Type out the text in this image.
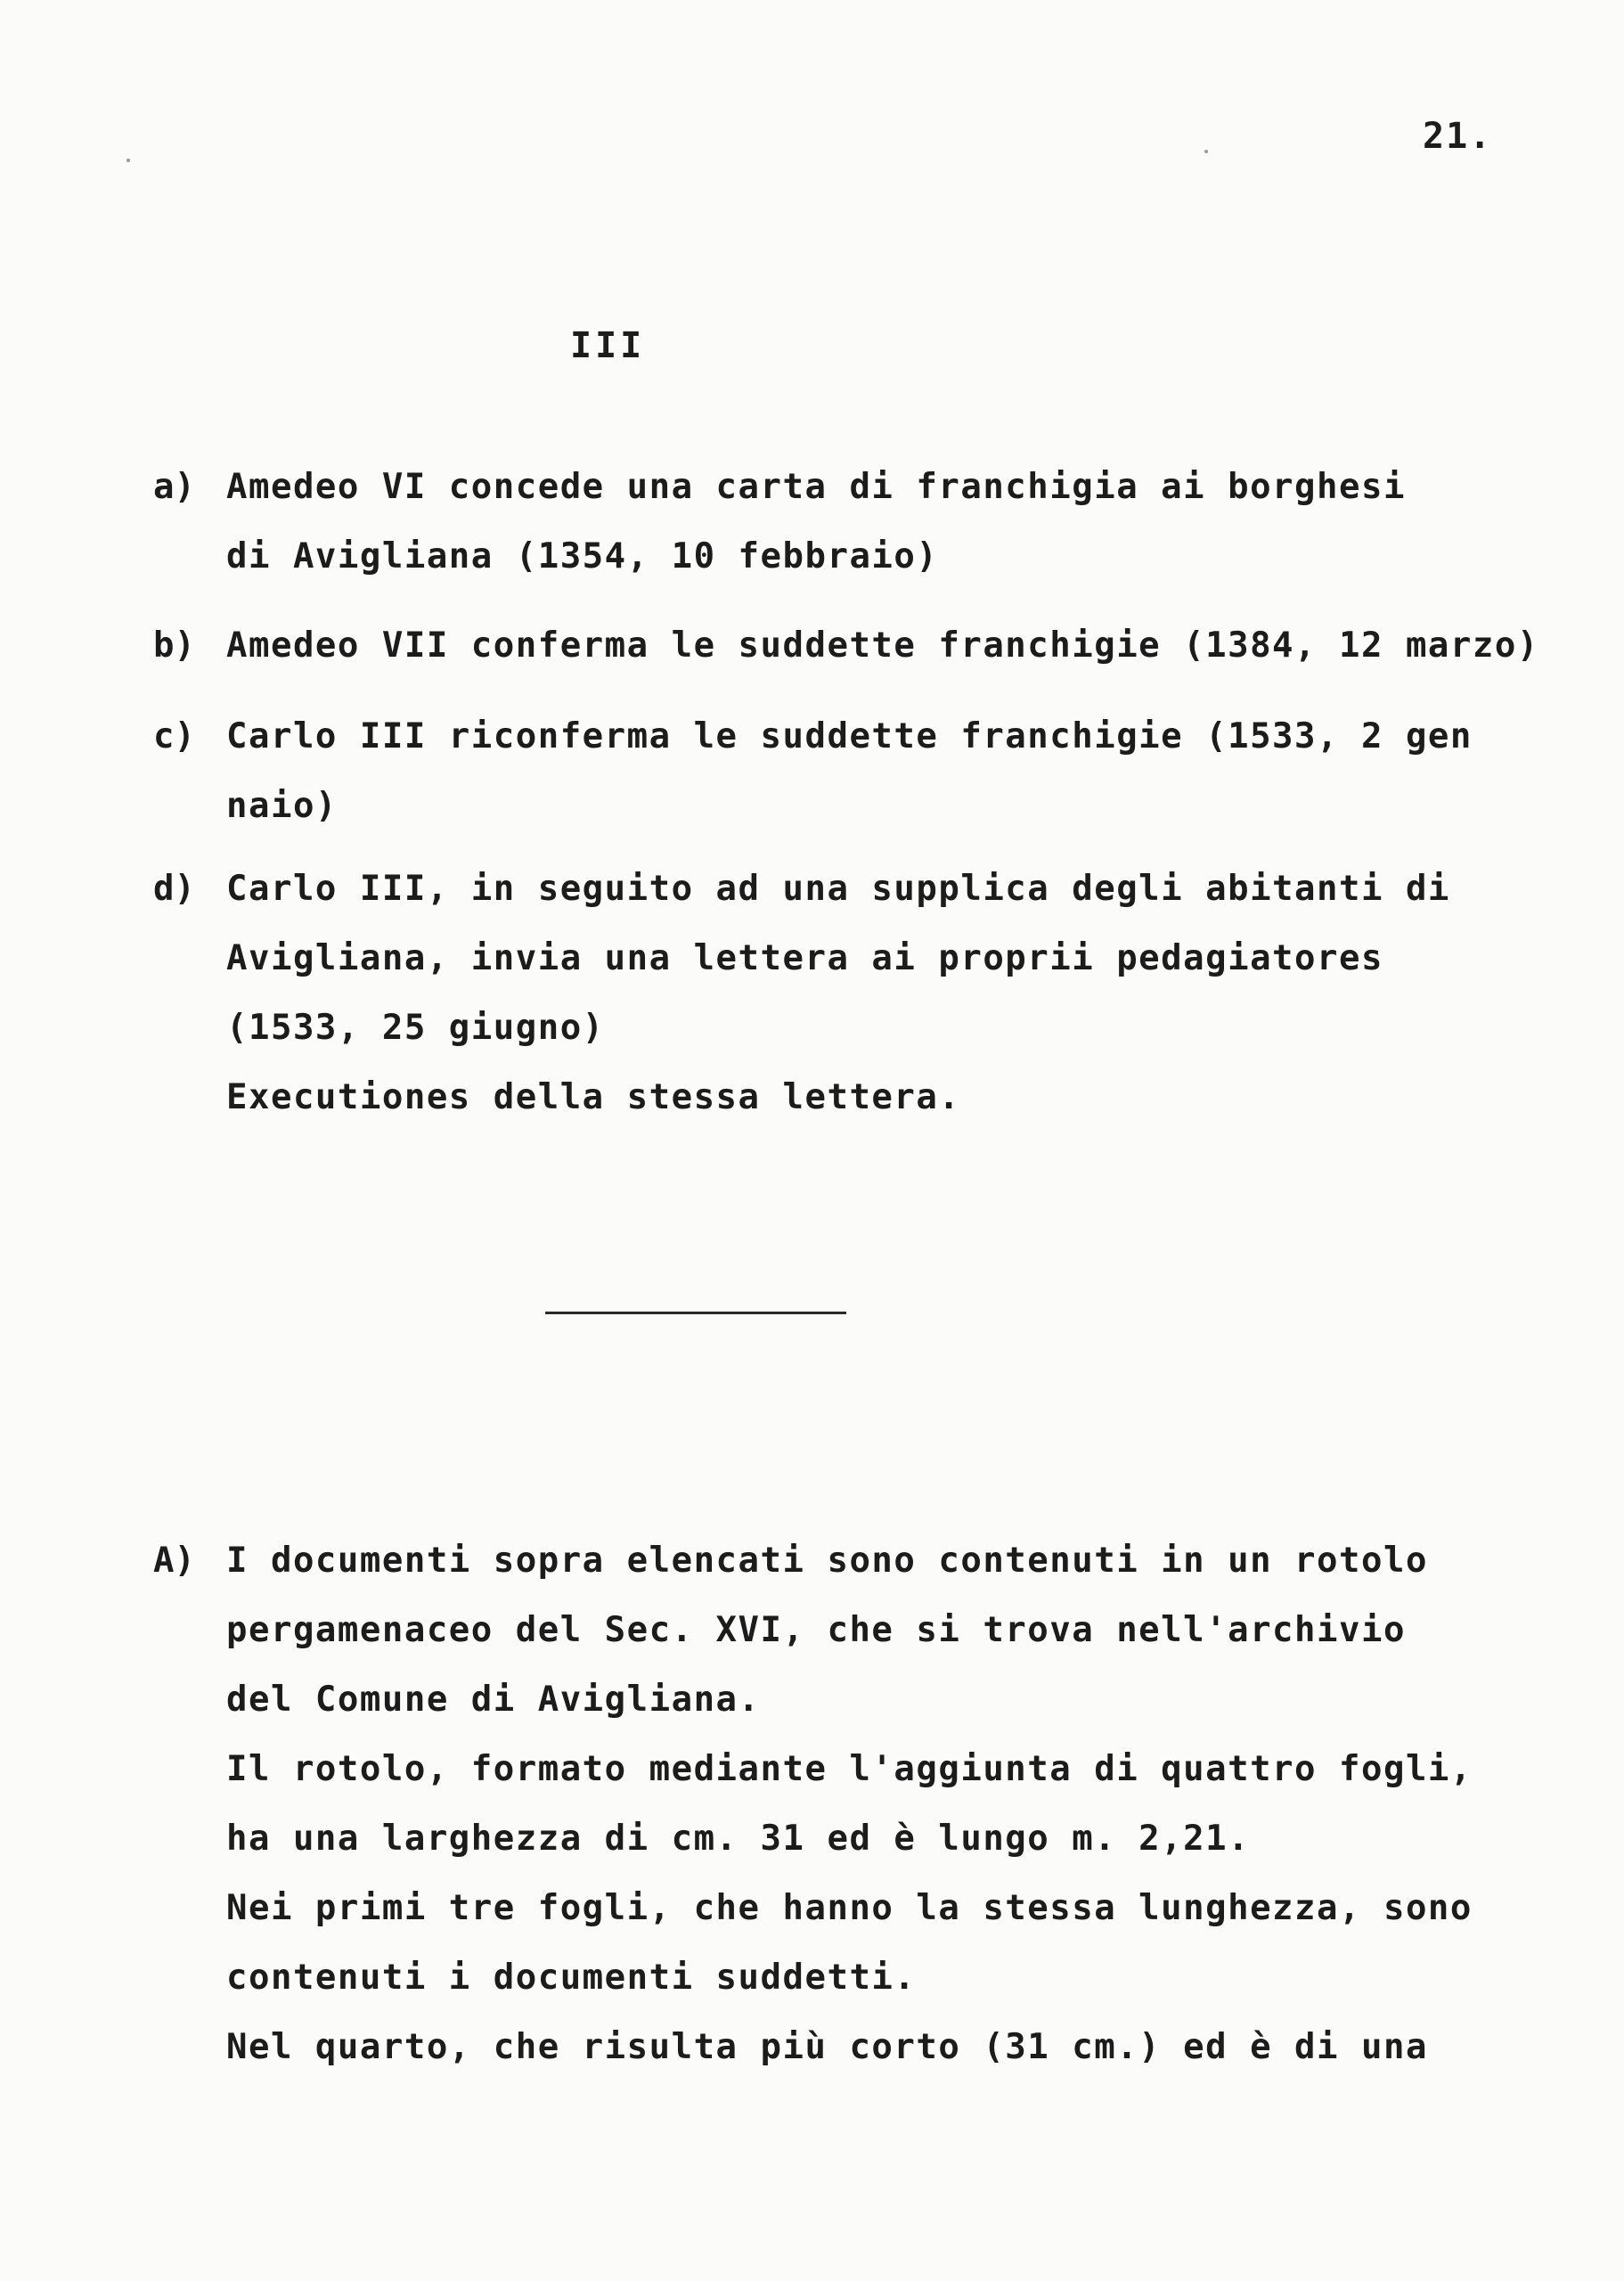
21.
III
a) Amedeo VI concede una carta di franchigia ai borghesi
di Avigliana (1354, 10 febbraio)
b) Amedeo VII conferma le suddette franchigie (1384, 12 marzo)
c) Carlo III riconferma le suddette franchigie (1533, 2 gen
naio)
d) Carlo III, in seguito ad una supplica degli abitanti di
Avigliana, invia una lettera ai proprii pedagiatores
(1533, 25 giugno)
Executiones della stessa lettera.
A) I documenti sopra elencati sono contenuti in un rotolo
pergamenaceo del Sec. XVI, che si trova nell'archivio
del Comune di Avigliana.
Il rotolo, formato mediante l'aggiunta di quattro fogli,
ha una larghezza di cm. 31 ed è lungo m. 2,21.
Nei primi tre fogli, che hanno la stessa lunghezza, sono
contenuti i documenti suddetti.
Nel quarto, che risulta più corto (31 cm.) ed è di una
